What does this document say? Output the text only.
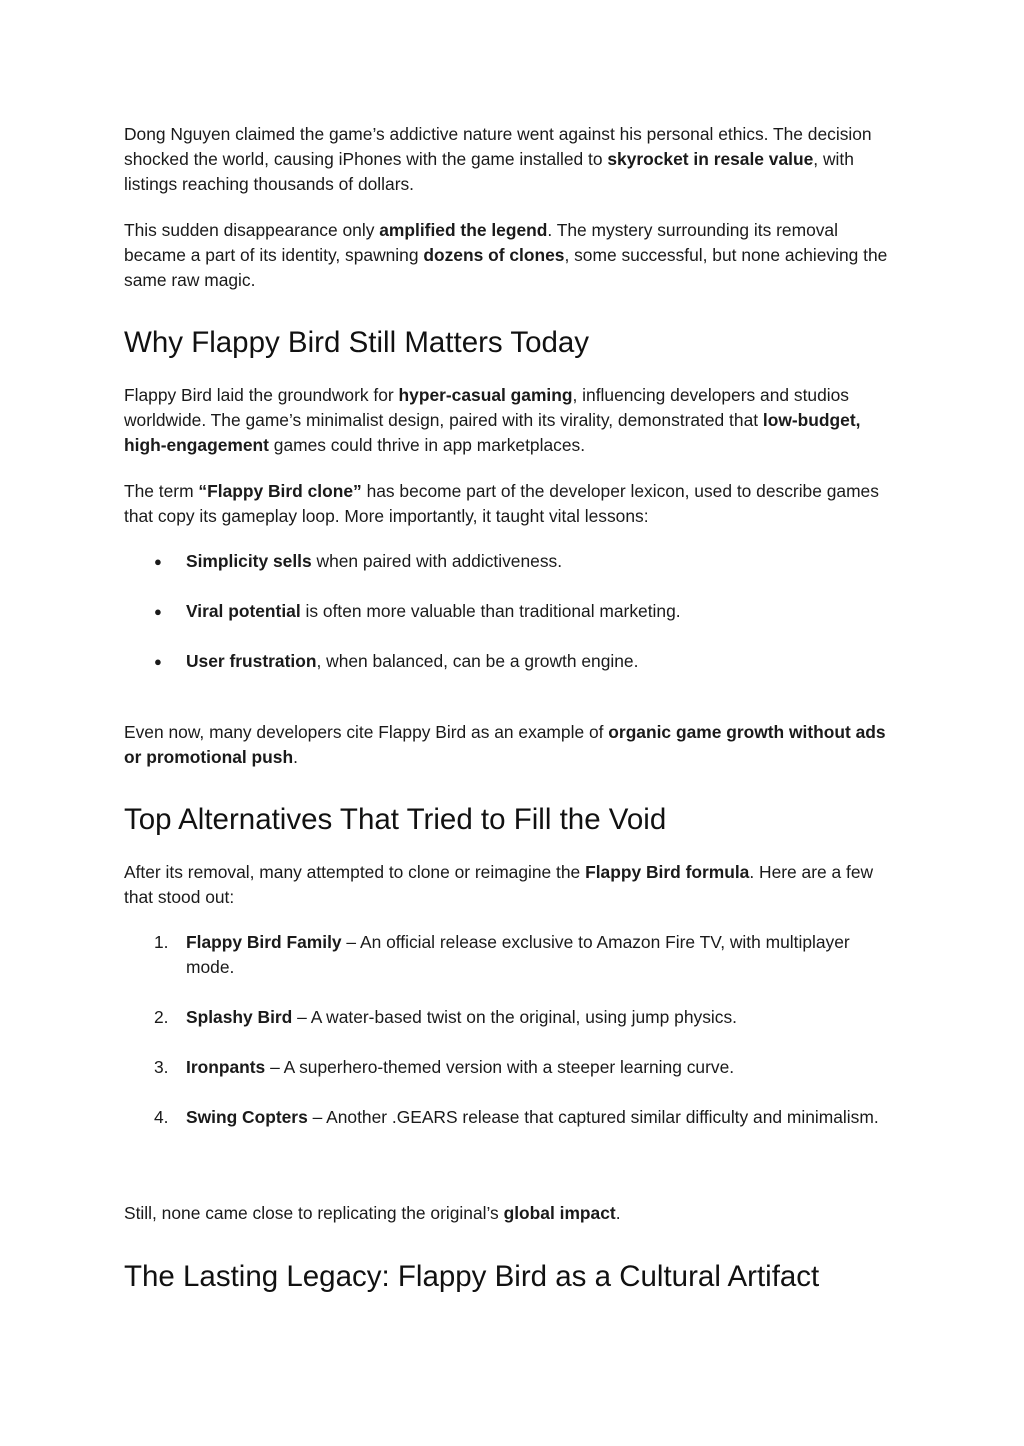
Dong Nguyen claimed the game’s addictive nature went against his personal ethics. The decision shocked the world, causing iPhones with the game installed to skyrocket in resale value, with listings reaching thousands of dollars.

This sudden disappearance only amplified the legend. The mystery surrounding its removal became a part of its identity, spawning dozens of clones, some successful, but none achieving the same raw magic.

Why Flappy Bird Still Matters Today

Flappy Bird laid the groundwork for hyper-casual gaming, influencing developers and studios worldwide. The game’s minimalist design, paired with its virality, demonstrated that low-budget, high-engagement games could thrive in app marketplaces.

The term “Flappy Bird clone” has become part of the developer lexicon, used to describe games that copy its gameplay loop. More importantly, it taught vital lessons:

● Simplicity sells when paired with addictiveness.
● Viral potential is often more valuable than traditional marketing.
● User frustration, when balanced, can be a growth engine.

Even now, many developers cite Flappy Bird as an example of organic game growth without ads or promotional push.

Top Alternatives That Tried to Fill the Void

After its removal, many attempted to clone or reimagine the Flappy Bird formula. Here are a few that stood out:

1. Flappy Bird Family – An official release exclusive to Amazon Fire TV, with multiplayer mode.
2. Splashy Bird – A water-based twist on the original, using jump physics.
3. Ironpants – A superhero-themed version with a steeper learning curve.
4. Swing Copters – Another .GEARS release that captured similar difficulty and minimalism.

Still, none came close to replicating the original’s global impact.

The Lasting Legacy: Flappy Bird as a Cultural Artifact
